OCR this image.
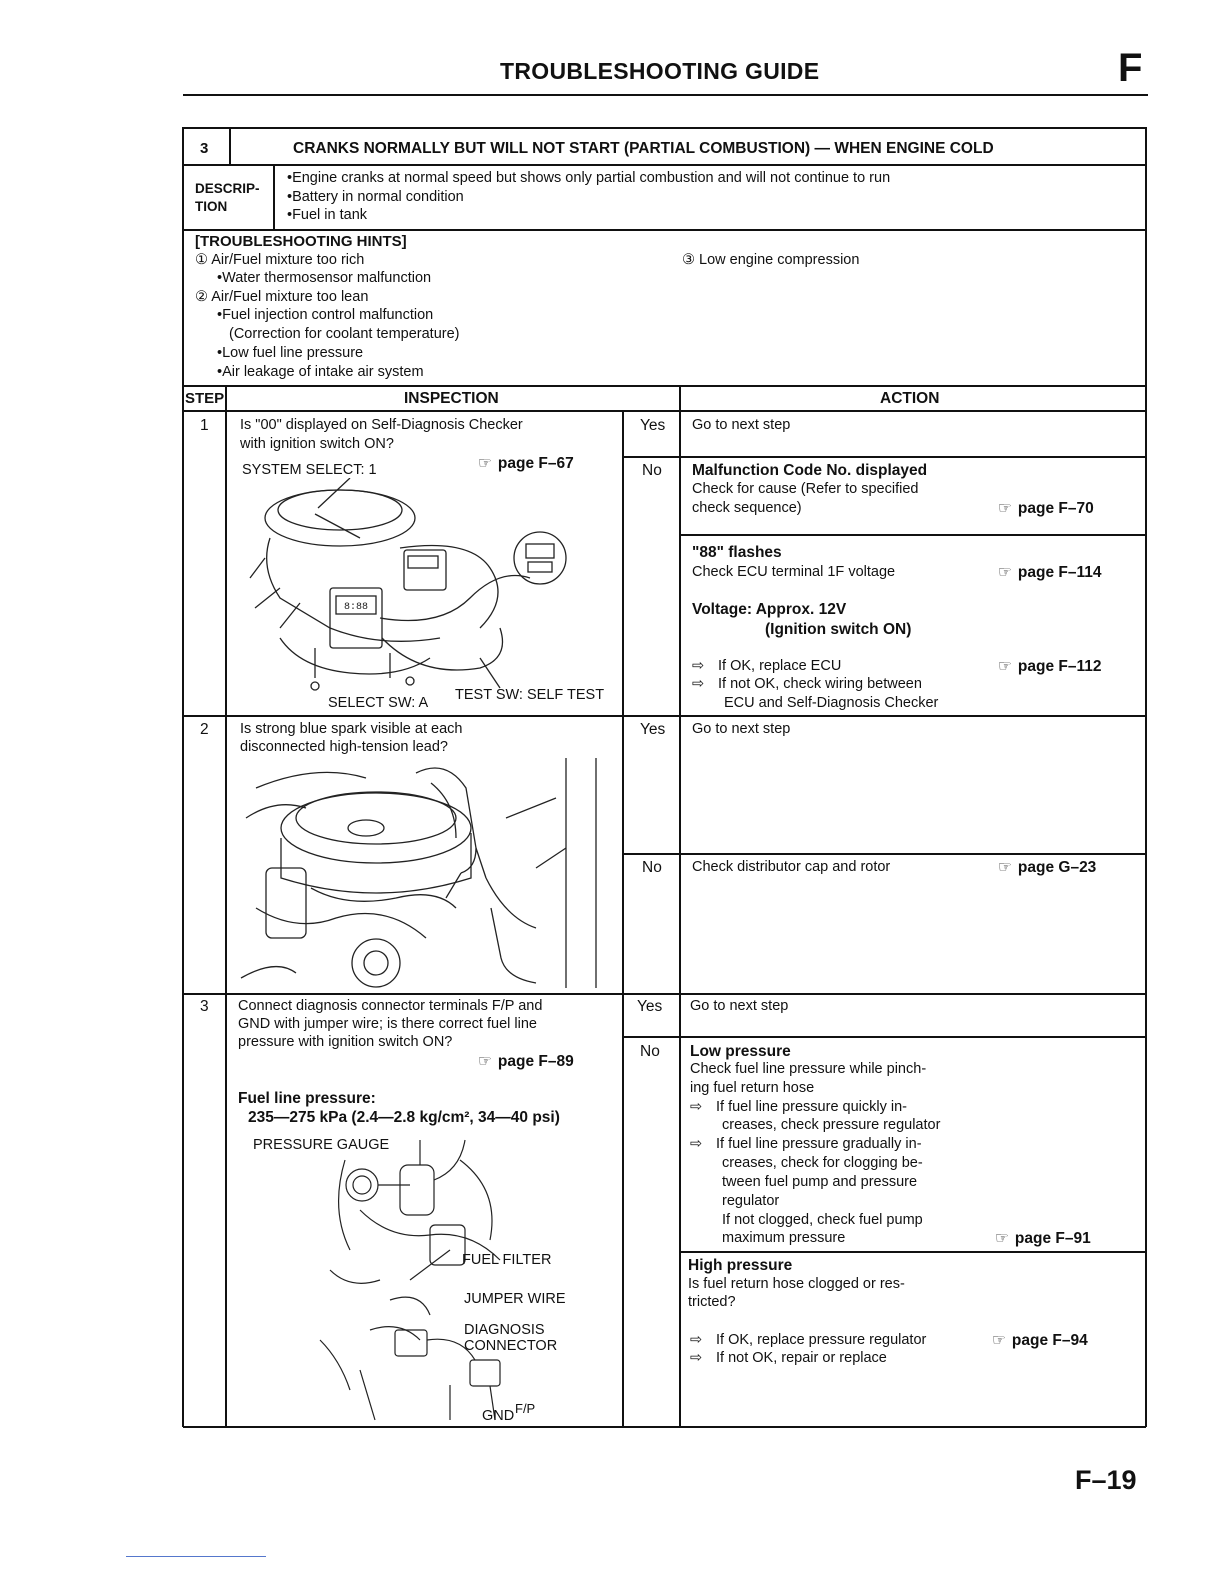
TROUBLESHOOTING GUIDE	F
3	CRANKS NORMALLY BUT WILL NOT START (PARTIAL COMBUSTION) — WHEN ENGINE COLD
DESCRIP-
TION
•Engine cranks at normal speed but shows only partial combustion and will not continue to run
•Battery in normal condition
•Fuel in tank
[TROUBLESHOOTING HINTS]
① Air/Fuel mixture too rich
•Water thermosensor malfunction
② Air/Fuel mixture too lean
•Fuel injection control malfunction
(Correction for coolant temperature)
•Low fuel line pressure
•Air leakage of intake air system
③ Low engine compression
STEP	INSPECTION	ACTION
1 Is "00" displayed on Self-Diagnosis Checker
with ignition switch ON?
SYSTEM SELECT: 1	☞ page F–67
8:88
SELECT SW: A TEST SW: SELF TEST
Yes Go to next step
No Malfunction Code No. displayed
Check for cause (Refer to specified
check sequence)	☞ page F–70
"88" flashes
Check ECU terminal 1F voltage	☞ page F–114
Voltage: Approx. 12V
(Ignition switch ON)
⇨ If OK, replace ECU	☞ page F–112
⇨ If not OK, check wiring between
ECU and Self-Diagnosis Checker
2 Is strong blue spark visible at each
disconnected high-tension lead?
Yes Go to next step
No Check distributor cap and rotor	☞ page G–23
3 Connect diagnosis connector terminals F/P and
GND with jumper wire; is there correct fuel line
pressure with ignition switch ON?
☞ page F–89
Fuel line pressure:
235—275 kPa (2.4—2.8 kg/cm², 34—40 psi)
PRESSURE GAUGE
FUEL FILTER
JUMPER WIRE
DIAGNOSIS
CONNECTOR
GND F/P
Yes Go to next step
No Low pressure
Check fuel line pressure while pinch-
ing fuel return hose
⇨ If fuel line pressure quickly in-
creases, check pressure regulator
⇨ If fuel line pressure gradually in-
creases, check for clogging be-
tween fuel pump and pressure
regulator
If not clogged, check fuel pump
maximum pressure	☞ page F–91
High pressure
Is fuel return hose clogged or res-
tricted?
⇨ If OK, replace pressure regulator	☞ page F–94
⇨ If not OK, repair or replace
F–19
